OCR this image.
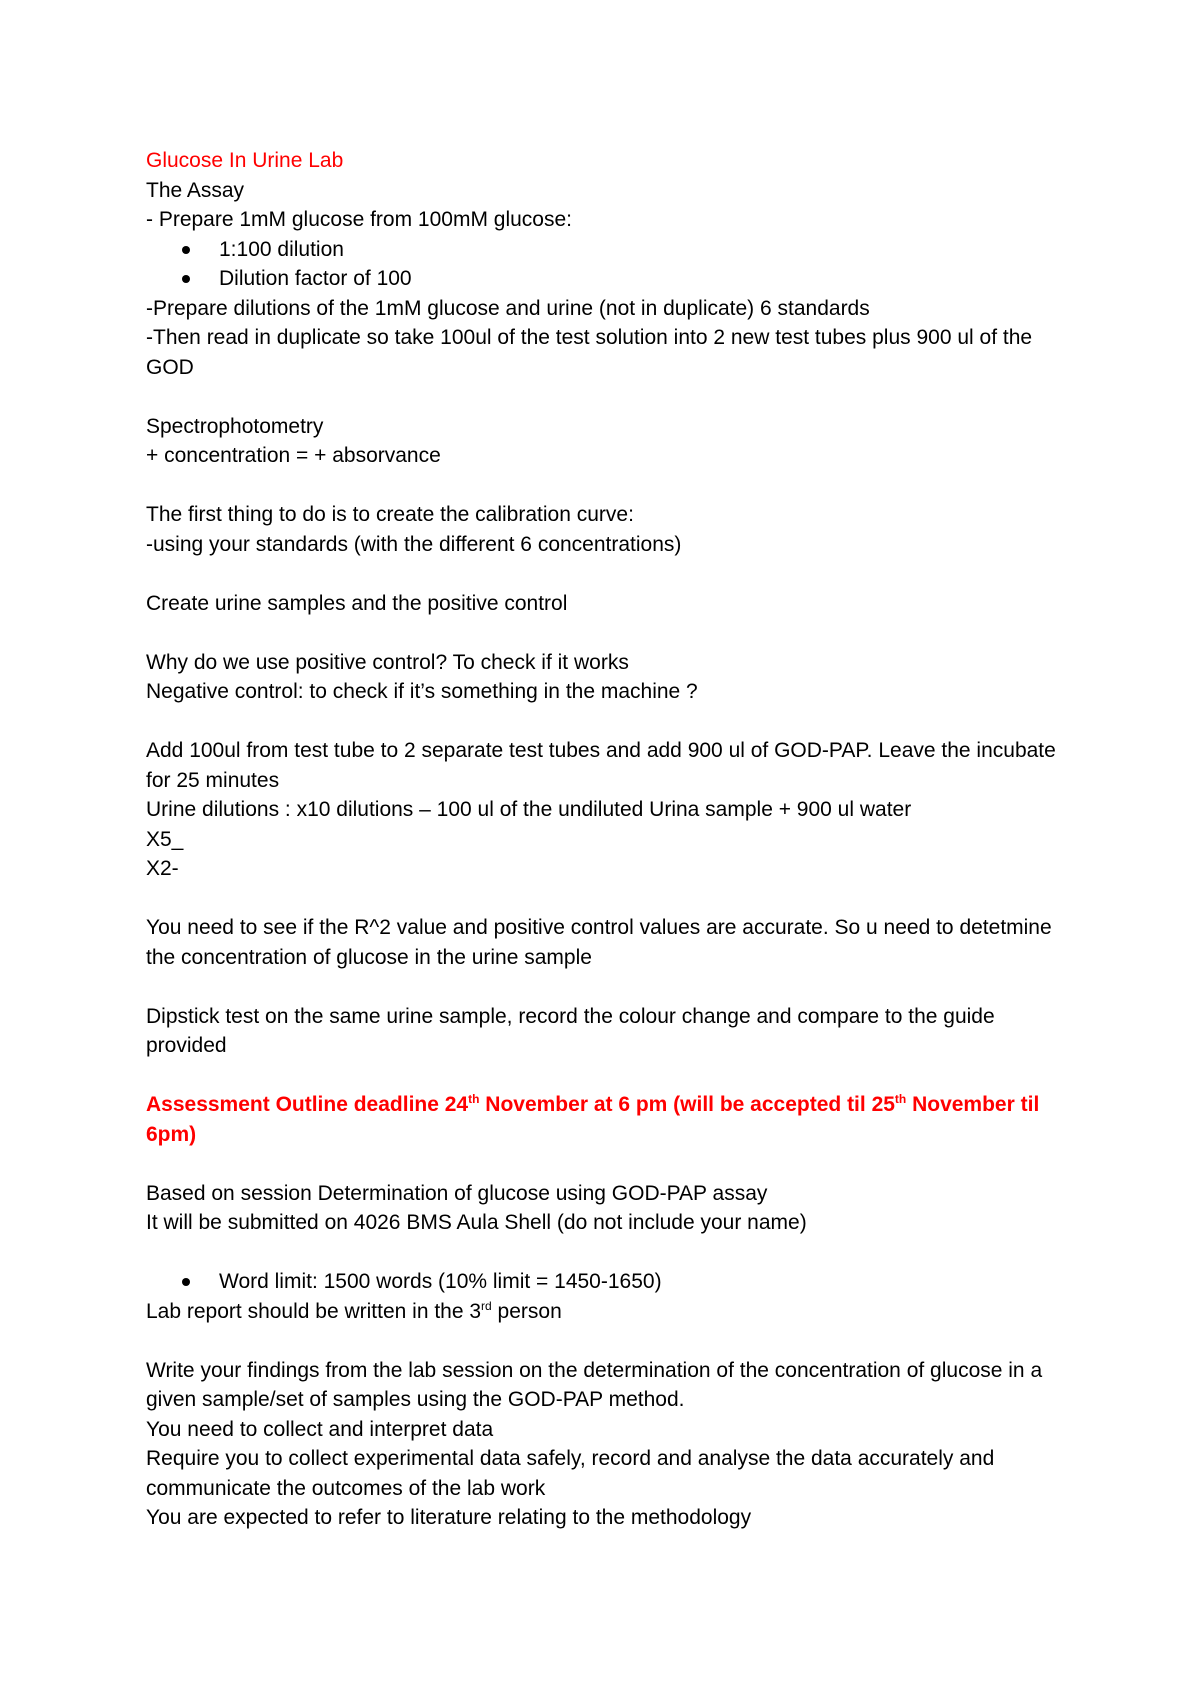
Glucose In Urine Lab
The Assay
- Prepare 1mM glucose from 100mM glucose:
1:100 dilution
Dilution factor of 100
-Prepare dilutions of the 1mM glucose and urine (not in duplicate) 6 standards
-Then read in duplicate so take 100ul of the test solution into 2 new test tubes plus 900 ul of the GOD
Spectrophotometry
+ concentration = + absorvance
The first thing to do is to create the calibration curve:
-using your standards (with the different 6 concentrations)
Create urine samples and the positive control
Why do we use positive control? To check if it works
Negative control: to check if it’s something in the machine ?
Add 100ul from test tube to 2 separate test tubes and add 900 ul of GOD-PAP. Leave the incubate for 25 minutes
Urine dilutions : x10 dilutions – 100 ul of the undiluted Urina sample + 900 ul water
X5_
X2-
You need to see if the R^2 value and positive control values are accurate. So u need to detetmine the concentration of glucose in the urine sample
Dipstick test on the same urine sample, record the colour change and compare to the guide provided
Assessment Outline deadline 24th November at 6 pm (will be accepted til 25th November til 6pm)
Based on session Determination of glucose using GOD-PAP assay
It will be submitted on 4026 BMS Aula Shell (do not include your name)
Word limit: 1500 words (10% limit = 1450-1650)
Lab report should be written in the 3rd person
Write your findings from the lab session on the determination of the concentration of glucose in a given sample/set of samples using the GOD-PAP method.
You need to collect and interpret data
Require you to collect experimental data safely, record and analyse the data accurately and communicate the outcomes of the lab work
You are expected to refer to literature relating to the methodology
